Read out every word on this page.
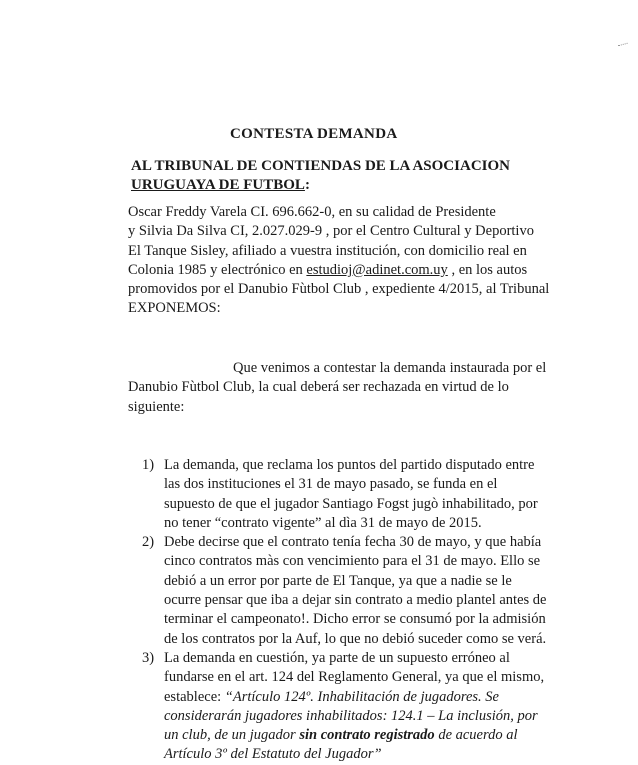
CONTESTA DEMANDA
AL TRIBUNAL DE CONTIENDAS DE LA ASOCIACION
URUGUAYA DE FUTBOL:
Oscar Freddy Varela CI. 696.662-0, en su calidad de Presidente
y Silvia Da Silva CI, 2.027.029-9 , por el Centro Cultural y Deportivo
El Tanque Sisley, afiliado a vuestra institución, con domicilio real en
Colonia 1985 y electrónico en estudioj@adinet.com.uy , en los autos
promovidos por el Danubio Fùtbol Club , expediente 4/2015, al Tribunal
EXPONEMOS:
Que venimos a contestar la demanda instaurada por el
Danubio Fùtbol Club, la cual deberá ser rechazada en virtud de lo
siguiente:
1) La demanda, que reclama los puntos del partido disputado entre
las dos instituciones el 31 de mayo pasado, se funda en el
supuesto de que el jugador Santiago Fogst jugò inhabilitado, por
no tener “contrato vigente” al dìa 31 de mayo de 2015.
2) Debe decirse que el contrato tenía fecha 30 de mayo, y que había
cinco contratos màs con vencimiento para el 31 de mayo. Ello se
debió a un error por parte de El Tanque, ya que a nadie se le
ocurre pensar que iba a dejar sin contrato a medio plantel antes de
terminar el campeonato!. Dicho error se consumó por la admisión
de los contratos por la Auf, lo que no debió suceder como se verá.
3) La demanda en cuestión, ya parte de un supuesto erróneo al
fundarse en el art. 124 del Reglamento General, ya que el mismo,
establece: “Artículo 124º. Inhabilitación de jugadores. Se
considerarán jugadores inhabilitados: 124.1 – La inclusión, por
un club, de un jugador sin contrato registrado de acuerdo al
Artículo 3º del Estatuto del Jugador”
